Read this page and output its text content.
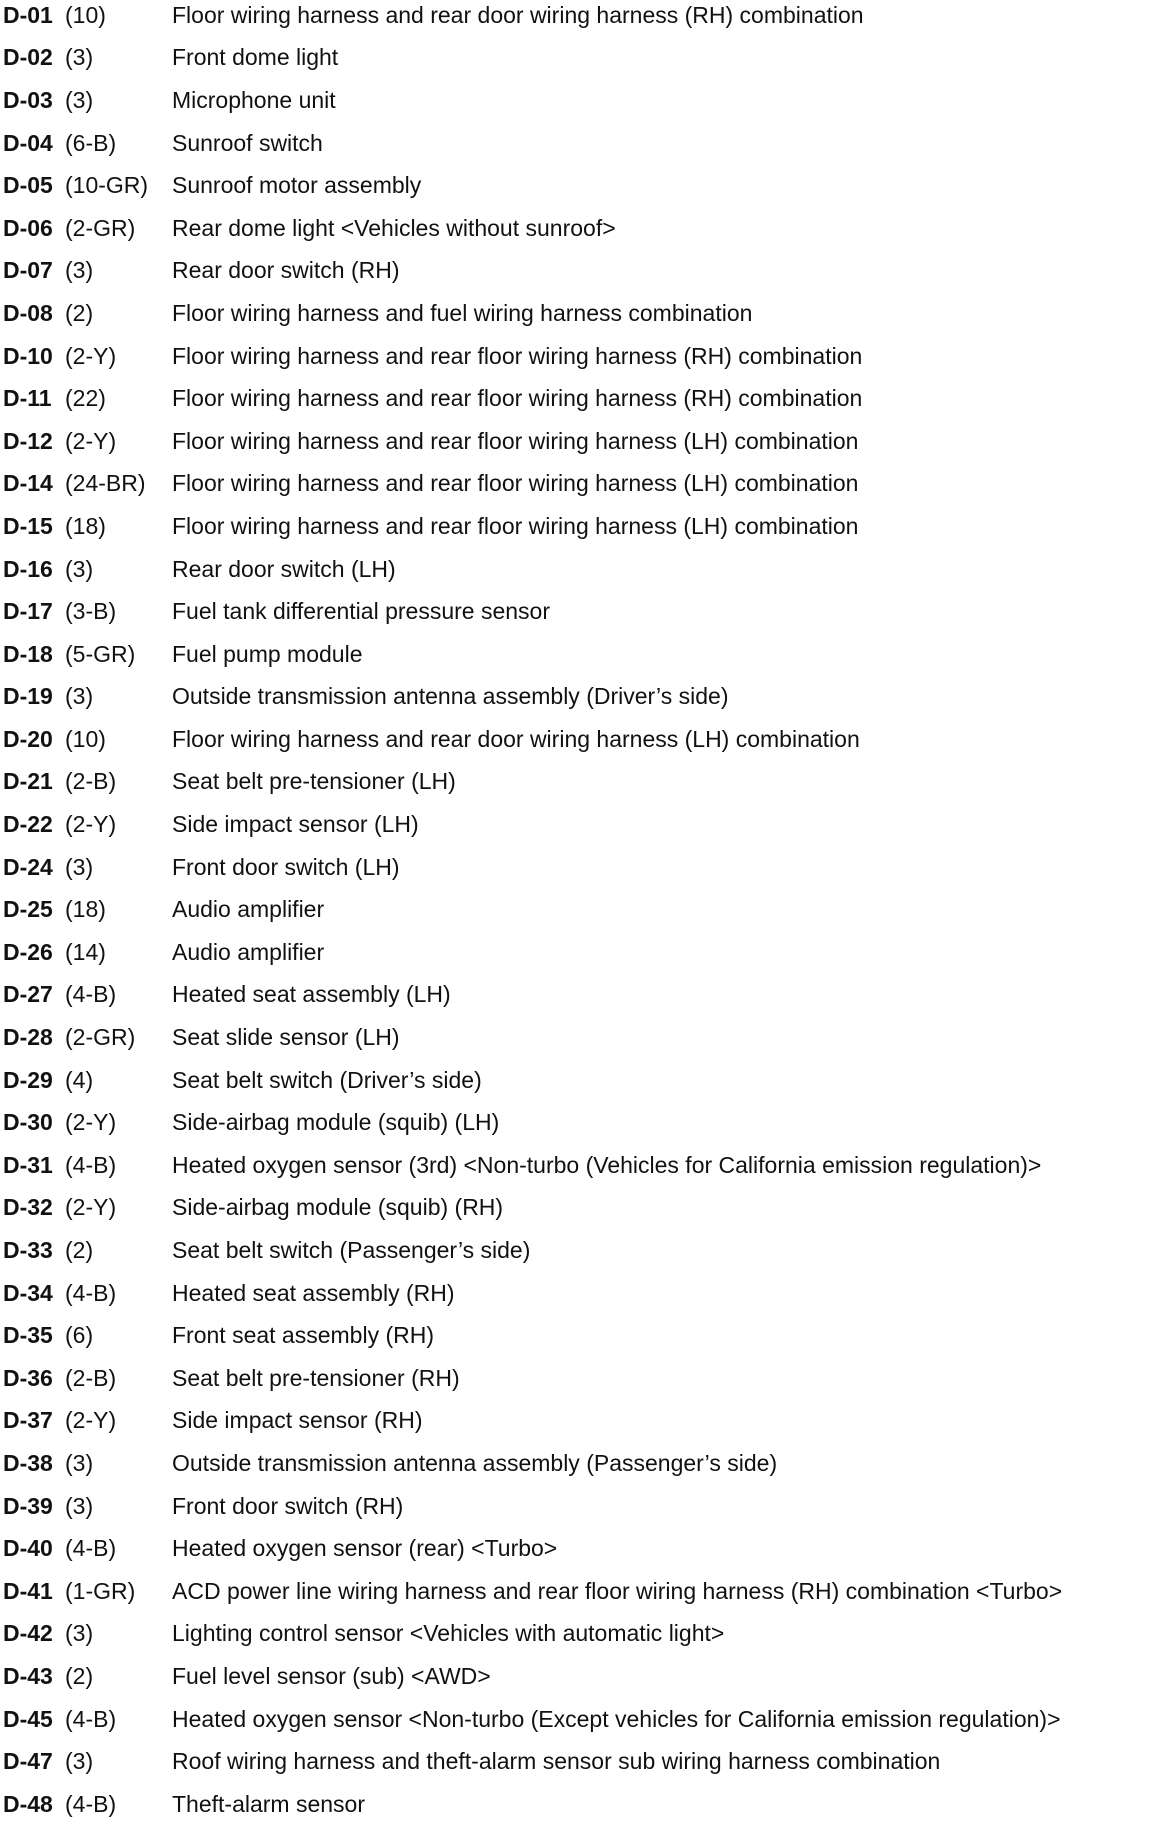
D-01 (10)	Floor wiring harness and rear door wiring harness (RH) combination
D-02 (3)	Front dome light
D-03 (3)	Microphone unit
D-04 (6-B)	Sunroof switch
D-05 (10-GR)	Sunroof motor assembly
D-06 (2-GR)	Rear dome light <Vehicles without sunroof>
D-07 (3)	Rear door switch (RH)
D-08 (2)	Floor wiring harness and fuel wiring harness combination
D-10 (2-Y)	Floor wiring harness and rear floor wiring harness (RH) combination
D-11 (22)	Floor wiring harness and rear floor wiring harness (RH) combination
D-12 (2-Y)	Floor wiring harness and rear floor wiring harness (LH) combination
D-14 (24-BR)	Floor wiring harness and rear floor wiring harness (LH) combination
D-15 (18)	Floor wiring harness and rear floor wiring harness (LH) combination
D-16 (3)	Rear door switch (LH)
D-17 (3-B)	Fuel tank differential pressure sensor
D-18 (5-GR)	Fuel pump module
D-19 (3)	Outside transmission antenna assembly (Driver’s side)
D-20 (10)	Floor wiring harness and rear door wiring harness (LH) combination
D-21 (2-B)	Seat belt pre-tensioner (LH)
D-22 (2-Y)	Side impact sensor (LH)
D-24 (3)	Front door switch (LH)
D-25 (18)	Audio amplifier
D-26 (14)	Audio amplifier
D-27 (4-B)	Heated seat assembly (LH)
D-28 (2-GR)	Seat slide sensor (LH)
D-29 (4)	Seat belt switch (Driver’s side)
D-30 (2-Y)	Side-airbag module (squib) (LH)
D-31 (4-B)	Heated oxygen sensor (3rd) <Non-turbo (Vehicles for California emission regulation)>
D-32 (2-Y)	Side-airbag module (squib) (RH)
D-33 (2)	Seat belt switch (Passenger’s side)
D-34 (4-B)	Heated seat assembly (RH)
D-35 (6)	Front seat assembly (RH)
D-36 (2-B)	Seat belt pre-tensioner (RH)
D-37 (2-Y)	Side impact sensor (RH)
D-38 (3)	Outside transmission antenna assembly (Passenger’s side)
D-39 (3)	Front door switch (RH)
D-40 (4-B)	Heated oxygen sensor (rear) <Turbo>
D-41 (1-GR)	ACD power line wiring harness and rear floor wiring harness (RH) combination <Turbo>
D-42 (3)	Lighting control sensor <Vehicles with automatic light>
D-43 (2)	Fuel level sensor (sub) <AWD>
D-45 (4-B)	Heated oxygen sensor <Non-turbo (Except vehicles for California emission regulation)>
D-47 (3)	Roof wiring harness and theft-alarm sensor sub wiring harness combination
D-48 (4-B)	Theft-alarm sensor
